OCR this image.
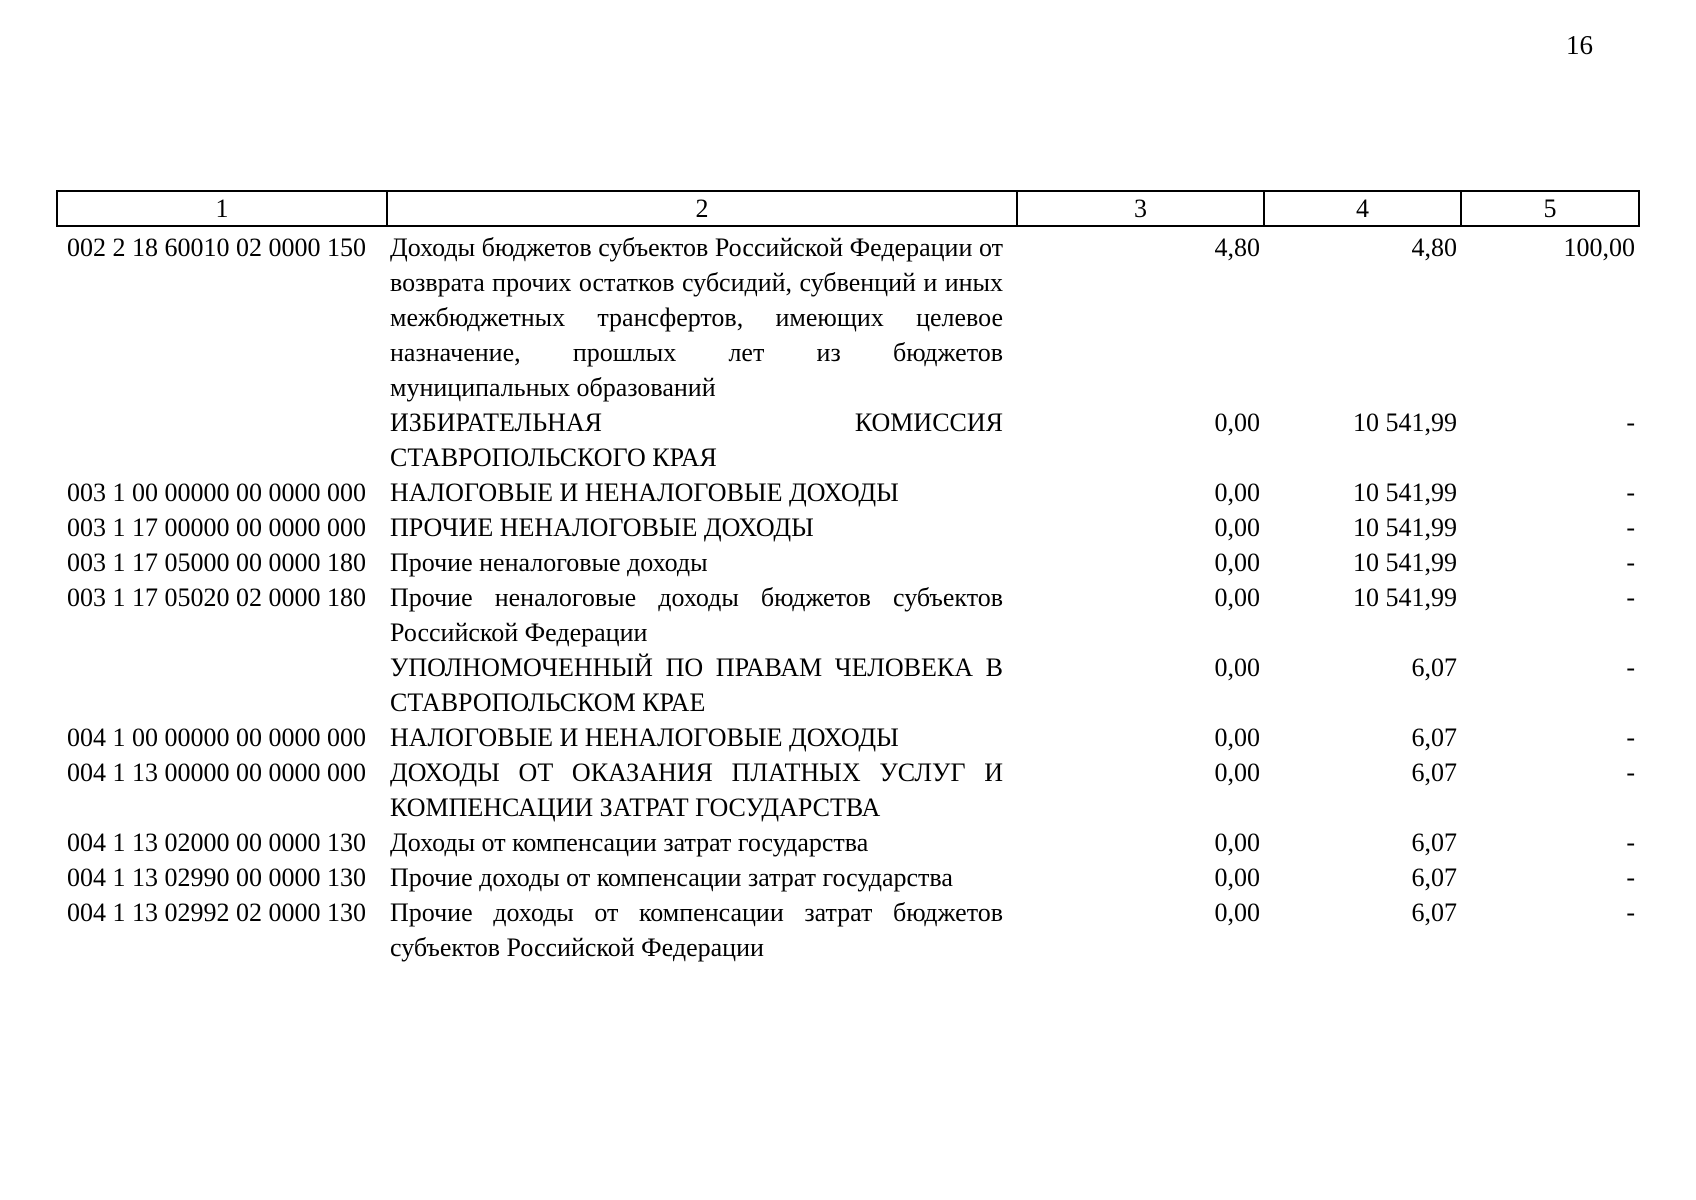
16
1	2	3	4	5
002 2 18 60010 02 0000 150	Доходы бюджетов субъектов Российской Федерации от возврата прочих остатков субсидий, субвенций и иных межбюджетных трансфертов, имеющих целевое назначение, прошлых лет из бюджетов муниципальных образований	4,80	4,80	100,00
	ИЗБИРАТЕЛЬНАЯ КОМИССИЯ СТАВРОПОЛЬСКОГО КРАЯ	0,00	10 541,99	-
003 1 00 00000 00 0000 000	НАЛОГОВЫЕ И НЕНАЛОГОВЫЕ ДОХОДЫ	0,00	10 541,99	-
003 1 17 00000 00 0000 000	ПРОЧИЕ НЕНАЛОГОВЫЕ ДОХОДЫ	0,00	10 541,99	-
003 1 17 05000 00 0000 180	Прочие неналоговые доходы	0,00	10 541,99	-
003 1 17 05020 02 0000 180	Прочие неналоговые доходы бюджетов субъектов Российской Федерации	0,00	10 541,99	-
	УПОЛНОМОЧЕННЫЙ ПО ПРАВАМ ЧЕЛОВЕКА В СТАВРОПОЛЬСКОМ КРАЕ	0,00	6,07	-
004 1 00 00000 00 0000 000	НАЛОГОВЫЕ И НЕНАЛОГОВЫЕ ДОХОДЫ	0,00	6,07	-
004 1 13 00000 00 0000 000	ДОХОДЫ ОТ ОКАЗАНИЯ ПЛАТНЫХ УСЛУГ И КОМПЕНСАЦИИ ЗАТРАТ ГОСУДАРСТВА	0,00	6,07	-
004 1 13 02000 00 0000 130	Доходы от компенсации затрат государства	0,00	6,07	-
004 1 13 02990 00 0000 130	Прочие доходы от компенсации затрат государства	0,00	6,07	-
004 1 13 02992 02 0000 130	Прочие доходы от компенсации затрат бюджетов субъектов Российской Федерации	0,00	6,07	-
